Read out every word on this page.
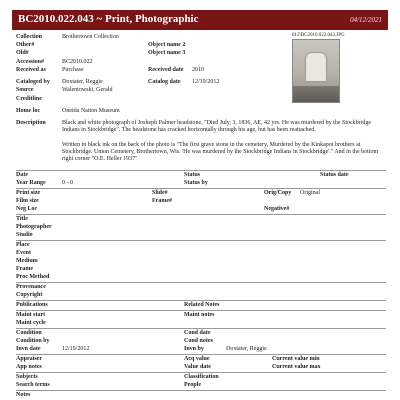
BC2010.022.043 ~ Print, Photographic	04/12/2021
Collection	Brothertown Collection
Other#	Object name 2
Old#	Object name 3
Accession#	BC2010.022
Received as	Purchase	Received date 2010
Cataloged by Doxtater, Reggie	Catalog date 12/19/2012
Source	Walentowski, Gerald
Creditline
012\BC2010.022.043.JPG
Home loc	Oneida Nation Museum
Description	Black and white photograph of Josheph Palmer headstone, "Died July, 3, 1836, AE, 42 yrs. He was murdered by the Stockbridge Indians in Stockbridge". The headstone has cracked horizontally through his age, but has been reattached.
Written in black ink on the back of the photo is "The first grave stone in the cemetery, Murdered by the Kinkapot brothers at Stockbridge. Union Cemetery, Brothertown, Wis. 'He was murdered by the Stockbridge Indians in Stockbridge'." And in the bottom right corner "O.E. Heller 1937"
Date	Status	Status date
Year Range	0 - 0	Status by
Print size	Slide#	Orig/Copy Original
Film size	Frame#
Neg Loc	Negative#
Title
Photographer
Studio
Place
Event
Medium
Frame
Proc Method
Provenance
Copyright
Publications	Related Notes
Maint start	Maint notes
Maint cycle
Condition	Cond date
Condition by	Cond notes
Invn date	12/19/2012	Invn by	Doxtater, Reggie
Appraiser	Acq value	Current value min
App notes	Value date	Current value max
Subjects	Classification
Search terms	People
Notes
